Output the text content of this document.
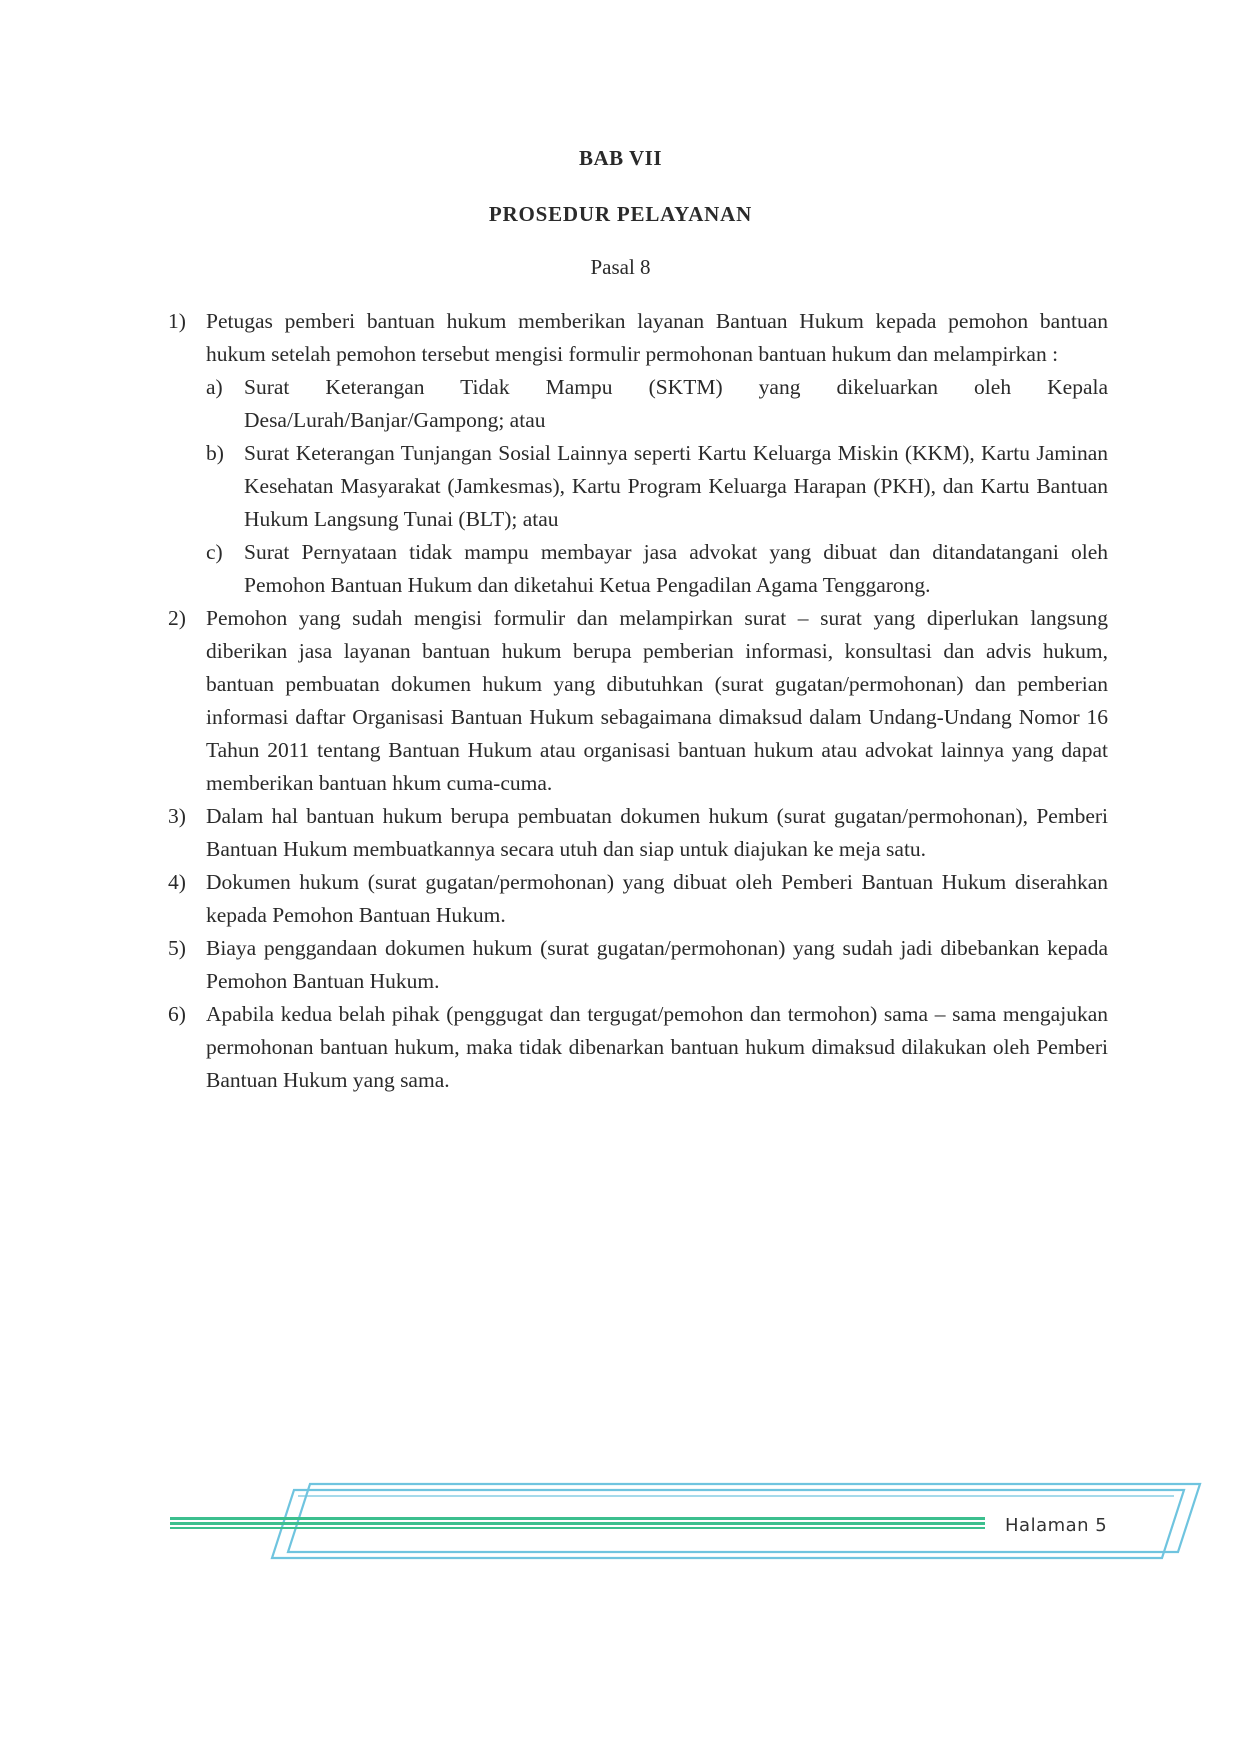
BAB VII
PROSEDUR PELAYANAN
Pasal 8
1) Petugas pemberi bantuan hukum memberikan layanan Bantuan Hukum kepada pemohon bantuan hukum setelah pemohon tersebut mengisi formulir permohonan bantuan hukum dan melampirkan :

a) Surat Keterangan Tidak Mampu (SKTM) yang dikeluarkan oleh Kepala Desa/Lurah/Banjar/Gampong; atau

b) Surat Keterangan Tunjangan Sosial Lainnya seperti Kartu Keluarga Miskin (KKM), Kartu Jaminan Kesehatan Masyarakat (Jamkesmas), Kartu Program Keluarga Harapan (PKH), dan Kartu Bantuan Hukum Langsung Tunai (BLT); atau

c) Surat Pernyataan tidak mampu membayar jasa advokat yang dibuat dan ditandatangani oleh Pemohon Bantuan Hukum dan diketahui Ketua Pengadilan Agama Tenggarong.

2) Pemohon yang sudah mengisi formulir dan melampirkan surat – surat yang diperlukan langsung diberikan jasa layanan bantuan hukum berupa pemberian informasi, konsultasi dan advis hukum, bantuan pembuatan dokumen hukum yang dibutuhkan (surat gugatan/permohonan) dan pemberian informasi daftar Organisasi Bantuan Hukum sebagaimana dimaksud dalam Undang-Undang Nomor 16 Tahun 2011 tentang Bantuan Hukum atau organisasi bantuan hukum atau advokat lainnya yang dapat memberikan bantuan hkum cuma-cuma.

3) Dalam hal bantuan hukum berupa pembuatan dokumen hukum (surat gugatan/permohonan), Pemberi Bantuan Hukum membuatkannya secara utuh dan siap untuk diajukan ke meja satu.

4) Dokumen hukum (surat gugatan/permohonan) yang dibuat oleh Pemberi Bantuan Hukum diserahkan kepada Pemohon Bantuan Hukum.

5) Biaya penggandaan dokumen hukum (surat gugatan/permohonan) yang sudah jadi dibebankan kepada Pemohon Bantuan Hukum.

6) Apabila kedua belah pihak (penggugat dan tergugat/pemohon dan termohon) sama – sama mengajukan permohonan bantuan hukum, maka tidak dibenarkan bantuan hukum dimaksud dilakukan oleh Pemberi Bantuan Hukum yang sama.

Halaman 5
